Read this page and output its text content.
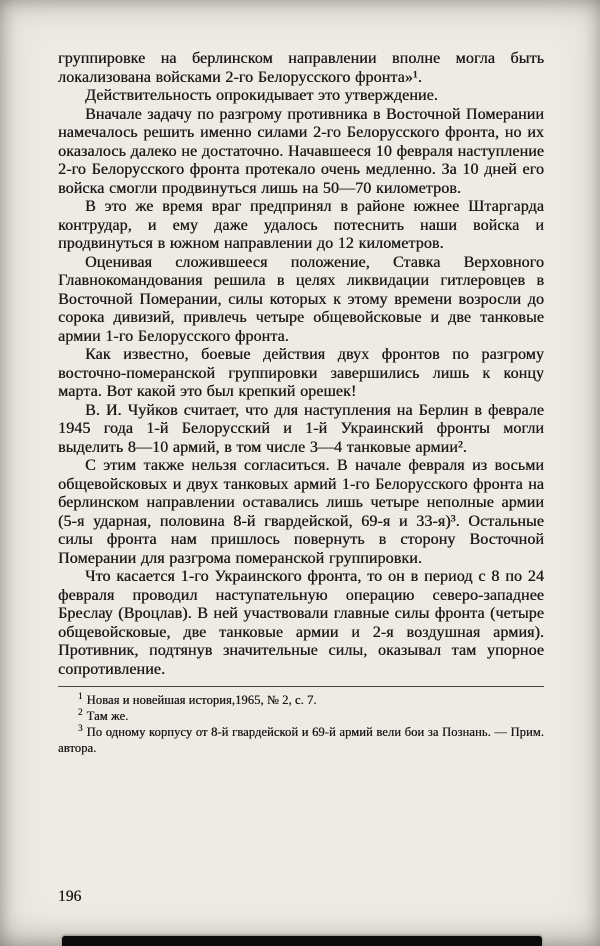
группировке на берлинском направлении вполне могла быть локализована войсками 2-го Белорусского фронта»¹.

Действительность опрокидывает это утверждение.

Вначале задачу по разгрому противника в Восточной Померании намечалось решить именно силами 2-го Белорусского фронта, но их оказалось далеко не достаточно. Начавшееся 10 февраля наступление 2-го Белорусского фронта протекало очень медленно. За 10 дней его войска смогли продвинуться лишь на 50—70 километров.

В это же время враг предпринял в районе южнее Штаргарда контрудар, и ему даже удалось потеснить наши войска и продвинуться в южном направлении до 12 километров.

Оценивая сложившееся положение, Ставка Верховного Главнокомандования решила в целях ликвидации гитлеровцев в Восточной Померании, силы которых к этому времени возросли до сорока дивизий, привлечь четыре общевойсковые и две танковые армии 1-го Белорусского фронта.

Как известно, боевые действия двух фронтов по разгрому восточно-померанской группировки завершились лишь к концу марта. Вот какой это был крепкий орешек!

В. И. Чуйков считает, что для наступления на Берлин в феврале 1945 года 1-й Белорусский и 1-й Украинский фронты могли выделить 8—10 армий, в том числе 3—4 танковые армии².

С этим также нельзя согласиться. В начале февраля из восьми общевойсковых и двух танковых армий 1-го Белорусского фронта на берлинском направлении оставались лишь четыре неполные армии (5-я ударная, половина 8-й гвардейской, 69-я и 33-я)³. Остальные силы фронта нам пришлось повернуть в сторону Восточной Померании для разгрома померанской группировки.

Что касается 1-го Украинского фронта, то он в период с 8 по 24 февраля проводил наступательную операцию северо-западнее Бреслау (Вроцлав). В ней участвовали главные силы фронта (четыре общевойсковые, две танковые армии и 2-я воздушная армия). Противник, подтянув значительные силы, оказывал там упорное сопротивление.

$^1$ Новая и новейшая история,1965, № 2, с. 7.

$^2$ Там же.

$^3$ По одному корпусу от 8-й гвардейской и 69-й армий вели бои за Познань. — Прим. автора.

196
